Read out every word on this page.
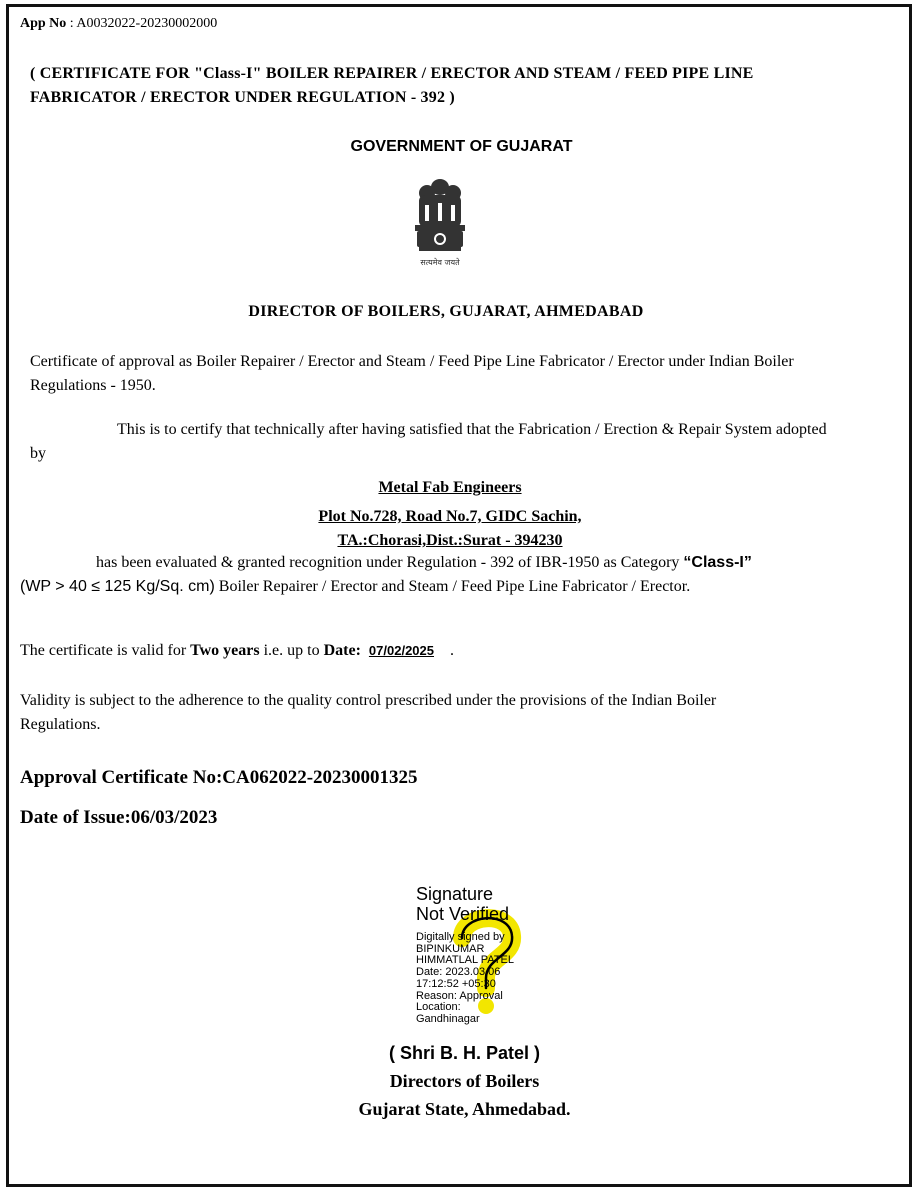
App No : A0032022-20230002000
( CERTIFICATE FOR "Class-I" BOILER REPAIRER / ERECTOR AND STEAM / FEED PIPE LINE FABRICATOR / ERECTOR UNDER REGULATION - 392 )
GOVERNMENT OF GUJARAT
सत्यमेव जयते
DIRECTOR OF BOILERS, GUJARAT, AHMEDABAD
Certificate of approval as Boiler Repairer / Erector and Steam / Feed Pipe Line Fabricator / Erector under Indian Boiler Regulations - 1950.
This is to certify that technically after having satisfied that the Fabrication / Erection & Repair System adopted by
Metal Fab Engineers
Plot No.728, Road No.7, GIDC Sachin,
TA.:Chorasi,Dist.:Surat - 394230
has been evaluated & granted recognition under Regulation - 392 of IBR-1950 as Category “Class-I”
(WP > 40 ≤ 125 Kg/Sq. cm) Boiler Repairer / Erector and Steam / Feed Pipe Line Fabricator / Erector.
The certificate is valid for Two years i.e. up to Date: 07/02/2025 .
Validity is subject to the adherence to the quality control prescribed under the provisions of the Indian Boiler Regulations.
Approval Certificate No:CA062022-20230001325
Date of Issue:06/03/2023
Signature
Not Verified
Digitally signed by
BIPINKUMAR
HIMMATLAL PATEL
Date: 2023.03.06
17:12:52 +05:30
Reason: Approval
Location:
Gandhinagar
( Shri B. H. Patel )
Directors of Boilers
Gujarat State, Ahmedabad.
